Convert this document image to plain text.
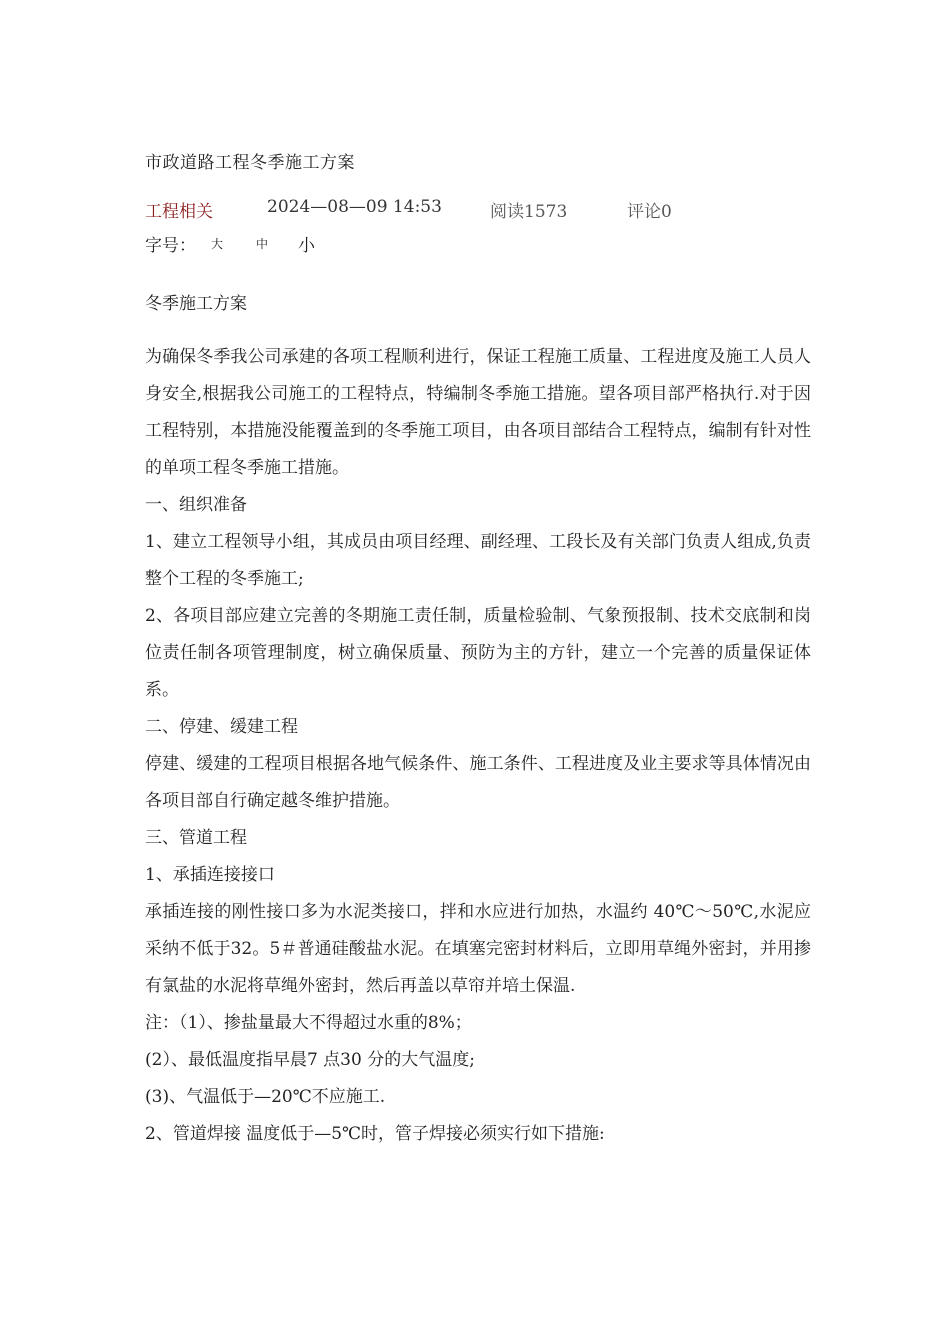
市政道路工程冬季施工方案
工程相关	2024—08—09 14:53	阅读1573	评论0
字号： 大	中 小

冬季施工方案

为确保冬季我公司承建的各项工程顺利进行，保证工程施工质量、工程进度及施工人员人身安全,根据我公司施工的工程特点，特编制冬季施工措施。望各项目部严格执行.对于因工程特别，本措施没能覆盖到的冬季施工项目，由各项目部结合工程特点，编制有针对性的单项工程冬季施工措施。

一、组织准备

1、建立工程领导小组，其成员由项目经理、副经理、工段长及有关部门负责人组成,负责整个工程的冬季施工;

2、各项目部应建立完善的冬期施工责任制，质量检验制、气象预报制、技术交底制和岗位责任制各项管理制度，树立确保质量、预防为主的方针，建立一个完善的质量保证体系。

二、停建、缓建工程

停建、缓建的工程项目根据各地气候条件、施工条件、工程进度及业主要求等具体情况由各项目部自行确定越冬维护措施。

三、管道工程

1、承插连接接口

承插连接的刚性接口多为水泥类接口，拌和水应进行加热，水温约 40℃～50℃,水泥应采纳不低于32。5＃普通硅酸盐水泥。在填塞完密封材料后，立即用草绳外密封，并用掺有氯盐的水泥将草绳外密封，然后再盖以草帘并培土保温.

注：（1）、掺盐量最大不得超过水重的8%；

(2）、最低温度指早晨7 点30 分的大气温度;

(3)、气温低于—20℃不应施工.

2、管道焊接 温度低于—5℃时，管子焊接必须实行如下措施:
